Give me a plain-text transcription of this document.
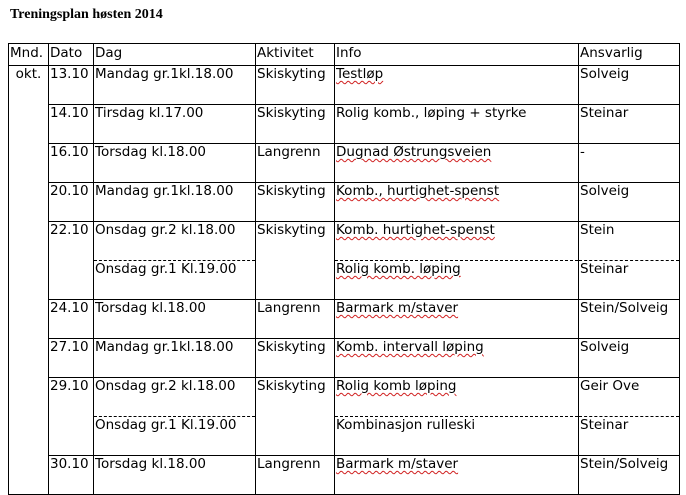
Treningsplan høsten 2014
Mnd.	Dato	Dag	Aktivitet	Info	Ansvarlig
okt.	13.10	Mandag gr.1kl.18.00	Skiskyting	Testløp	Solveig
	14.10	Tirsdag kl.17.00	Skiskyting	Rolig komb., løping + styrke	Steinar
	16.10	Torsdag kl.18.00	Langrenn	Dugnad Østrungsveien	-
	20.10	Mandag gr.1kl.18.00	Skiskyting	Komb., hurtighet-spenst	Solveig
	22.10	Onsdag gr.2 kl.18.00	Skiskyting	Komb. hurtighet-spenst	Stein
		Onsdag gr.1 Kl.19.00		Rolig komb. løping	Steinar
	24.10	Torsdag kl.18.00	Langrenn	Barmark m/staver	Stein/Solveig
	27.10	Mandag gr.1kl.18.00	Skiskyting	Komb. intervall løping	Solveig
	29.10	Onsdag gr.2 kl.18.00	Skiskyting	Rolig komb løping	Geir Ove
		Onsdag gr.1 Kl.19.00		Kombinasjon rulleski	Steinar
	30.10	Torsdag kl.18.00	Langrenn	Barmark m/staver	Stein/Solveig
